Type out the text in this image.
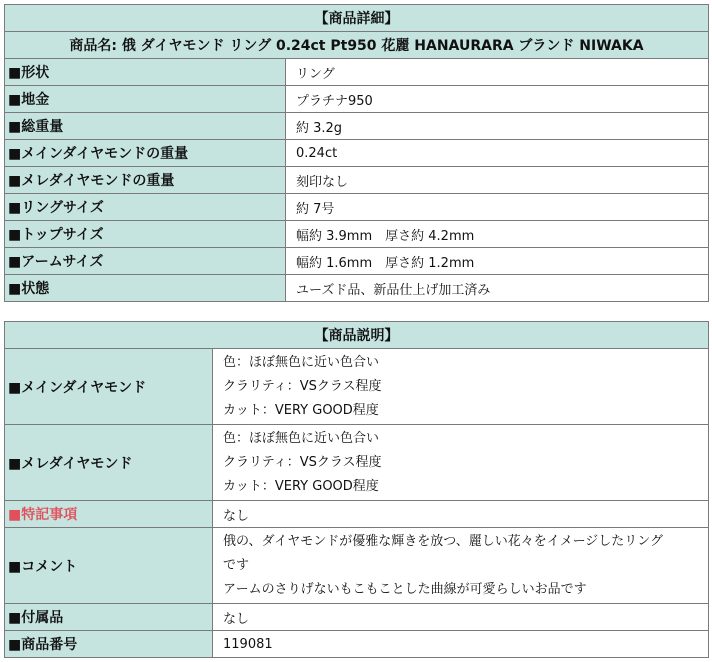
【商品詳細】	
商品名: 俄 ダイヤモンド リング 0.24ct Pt950 花麗 HANAURARA ブランド NIWAKA	
■形状	リング
■地金	プラチナ950
■総重量	約 3.2g
■メインダイヤモンドの重量	0.24ct
■メレダイヤモンドの重量	刻印なし
■リングサイズ	約 7号
■トップサイズ	幅約 3.9mm　厚さ約 4.2mm
■アームサイズ	幅約 1.6mm　厚さ約 1.2mm
■状態	ユーズド品、新品仕上げ加工済み
【商品説明】	
■メインダイヤモンド	色：ほぼ無色に近い色合い
クラリティ：VSクラス程度
カット：VERY GOOD程度

■メレダイヤモンド	色：ほぼ無色に近い色合い
クラリティ：VSクラス程度
カット：VERY GOOD程度

■特記事項	なし
■コメント	俄の、ダイヤモンドが優雅な輝きを放つ、麗しい花々をイメージしたリング
です
アームのさりげないもこもことした曲線が可愛らしいお品です

■付属品	なし
■商品番号	119081
